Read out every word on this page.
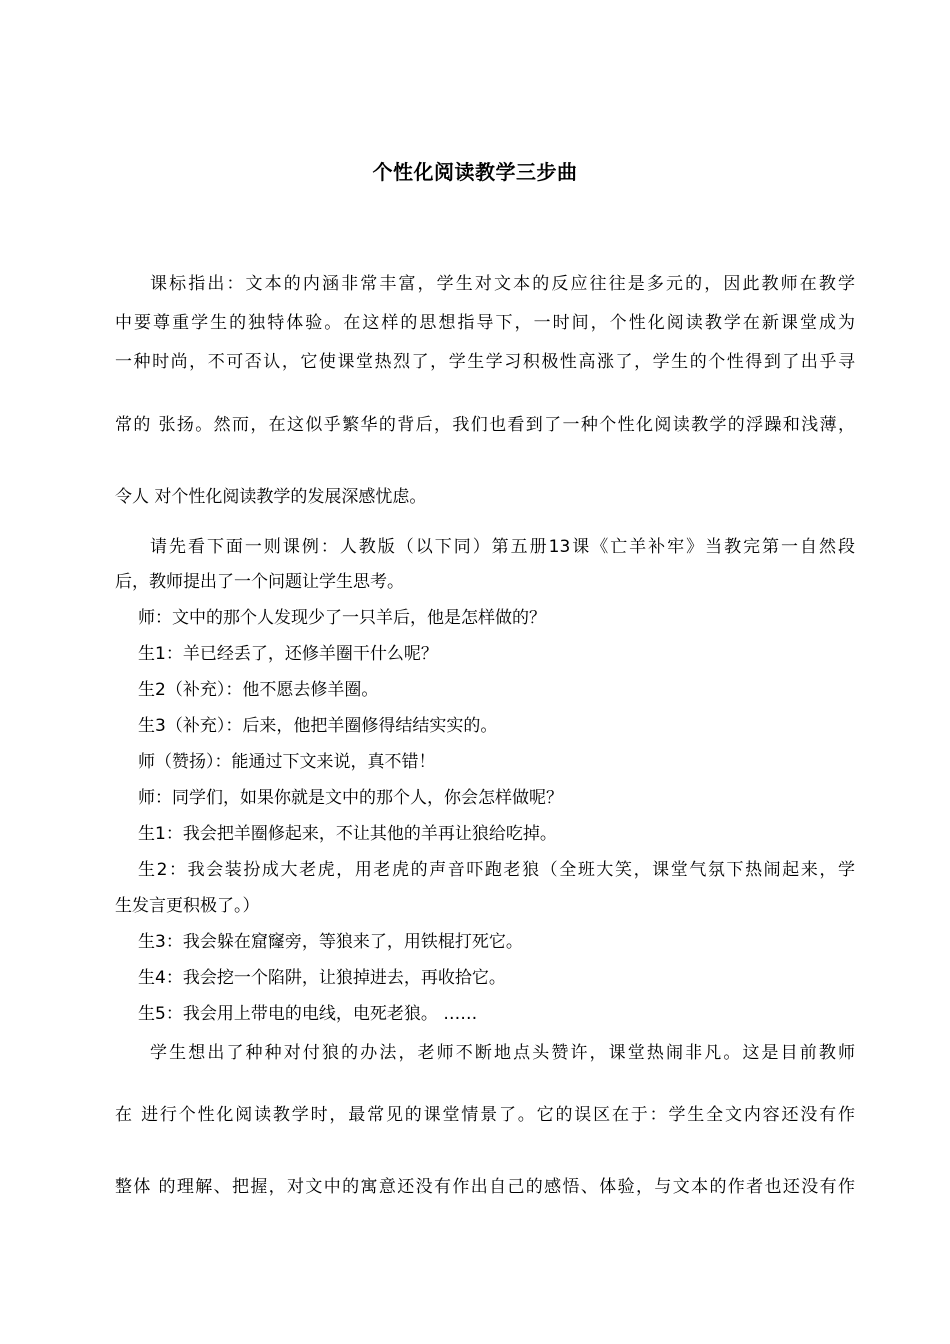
个性化阅读教学三步曲
课标指出：文本的内涵非常丰富，学生对文本的反应往往是多元的，因此教师在教学
中要尊重学生的独特体验。在这样的思想指导下，一时间，个性化阅读教学在新课堂成为
一种时尚，不可否认，它使课堂热烈了，学生学习积极性高涨了，学生的个性得到了出乎寻
常的 张扬。然而，在这似乎繁华的背后，我们也看到了一种个性化阅读教学的浮躁和浅薄，
令人 对个性化阅读教学的发展深感忧虑。
请先看下面一则课例：人教版（以下同）第五册13课《亡羊补牢》当教完第一自然段
后，教师提出了一个问题让学生思考。
师：文中的那个人发现少了一只羊后，他是怎样做的？
生1：羊已经丢了，还修羊圈干什么呢？
生2（补充）：他不愿去修羊圈。
生3（补充）：后来，他把羊圈修得结结实实的。
师（赞扬）：能通过下文来说，真不错！
师：同学们，如果你就是文中的那个人，你会怎样做呢？
生1：我会把羊圈修起来，不让其他的羊再让狼给吃掉。
生2：我会装扮成大老虎，用老虎的声音吓跑老狼（全班大笑，课堂气氛下热闹起来，学
生发言更积极了。）
生3：我会躲在窟窿旁，等狼来了，用铁棍打死它。
生4：我会挖一个陷阱，让狼掉进去，再收拾它。
生5：我会用上带电的电线，电死老狼。 ……
学生想出了种种对付狼的办法，老师不断地点头赞许，课堂热闹非凡。这是目前教师
在 进行个性化阅读教学时，最常见的课堂情景了。它的误区在于：学生全文内容还没有作
整体 的理解、把握，对文中的寓意还没有作出自己的感悟、体验，与文本的作者也还没有作
